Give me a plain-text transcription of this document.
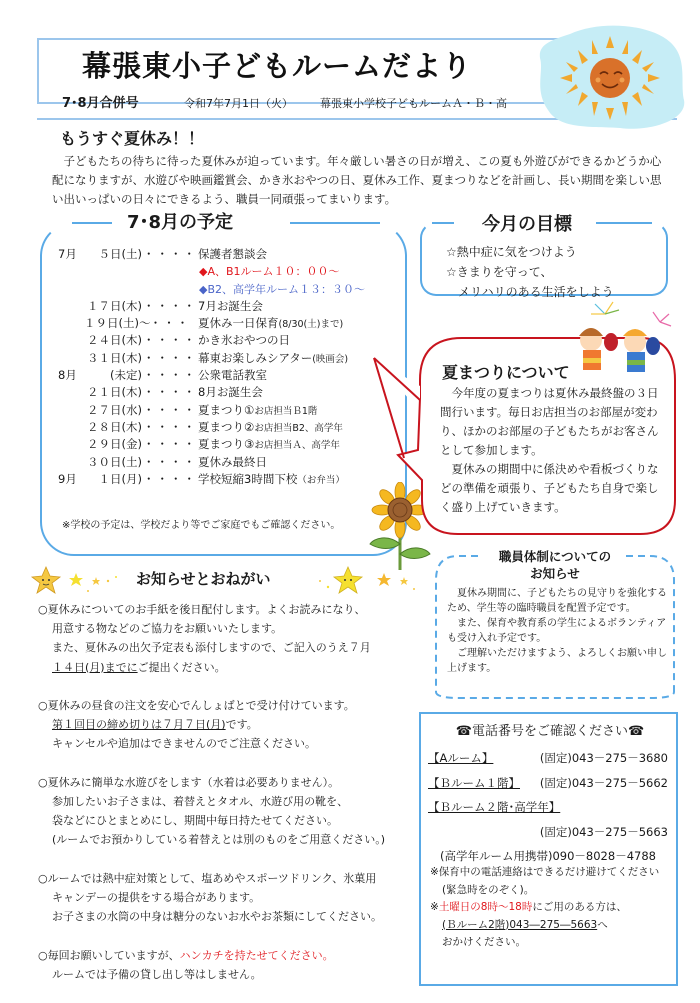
幕張東小子どもルームだより
7･8月合併号	令和7年7月1日（火） 幕張東小学校子どもルームＡ・Ｂ・高
もうすぐ夏休み！！
子どもたちの待ちに待った夏休みが迫っています。年々厳しい暑さの日が増え、この夏も外遊びができるかどうか心配になりますが、水遊びや映画鑑賞会、かき氷おやつの日、夏休み工作、夏まつりなどを計画し、長い期間を楽しい思い出いっぱいの日々にできるよう、職員一同頑張ってまいります。
7･8月の予定
7月 ５日(土)・・・・保護者懇談会
◆A、B1ルーム１０：００～
◆B2、高学年ルーム１３：３０～
１７日(木)・・・・7月お誕生会
１９日(土)～・・・ 夏休み一日保育(8/30(土)まで)
２４日(木)・・・・かき氷おやつの日
３１日(木)・・・・幕東お楽しみシアター(映画会)
8月	(未定)・・・・公衆電話教室
２１日(木)・・・・8月お誕生会
２７日(水)・・・・夏まつり①お店担当Ｂ1階
２８日(木)・・・・夏まつり②お店担当B2、高学年
２９日(金)・・・・夏まつり③お店担当Ａ、高学年
３０日(土)・・・・夏休み最終日
9月 １日(月)・・・・学校短縮3時間下校（お弁当）
※学校の予定は、学校だより等でご家庭でもご確認ください。
今月の目標
☆熱中症に気をつけよう
☆きまりを守って、
　メリハリのある生活をしよう
夏まつりについて

今年度の夏まつりは夏休み最終盤の３日間行います。毎日お店担当のお部屋が変わり、ほかのお部屋の子どもたちがお客さんとして参加します。

夏休みの期間中に係決めや看板づくりなどの準備を頑張り、子どもたち自身で楽しく盛り上げていきます。

職員体制についての
お知らせ

夏休み期間に、子どもたちの見守りを強化するため、学生等の臨時職員を配置予定です。

また、保育や教育系の学生によるボランティアも受け入れ予定です。

ご理解いただけますよう、よろしくお願い申し上げます。

☎電話番号をご確認ください☎
【Aルーム】	(固定)043－275－3680
【Ｂルーム１階】 (固定)043－275－5662
【Ｂルーム２階･高学年】
(固定)043－275－5663
(高学年ルーム用携帯)090－8028－4788
※保育中の電話連絡はできるだけ避けてください
(緊急時をのぞく)。
※土曜日の8時～18時にご用のある方は、
(Ｂルーム2階)043―275―5663へ
おかけください。
お知らせとおねがい
○夏休みについてのお手紙を後日配付します。よくお読みになり、
用意する物などのご協力をお願いいたします。
また、夏休みの出欠予定表も添付しますので、ご記入のうえ７月
１４日(月)までにご提出ください。
○夏休みの昼食の注文を安心でんしょばとで受け付けています。
第１回目の締め切りは７月７日(月)です。
キャンセルや追加はできませんのでご注意ください。
○夏休みに簡単な水遊びをします（水着は必要ありません）。
参加したいお子さまは、着替えとタオル、水遊び用の靴を、
袋などにひとまとめにし、期間中毎日持たせてください。
(ルームでお預かりしている着替えとは別のものをご用意ください。)
○ルームでは熱中症対策として、塩あめやスポーツドリンク、氷菓用
キャンデーの提供をする場合があります。
お子さまの水筒の中身は糖分のないお水やお茶類にしてください。
○毎回お願いしていますが、ハンカチを持たせてください。
ルームでは予備の貸し出し等はしません。
